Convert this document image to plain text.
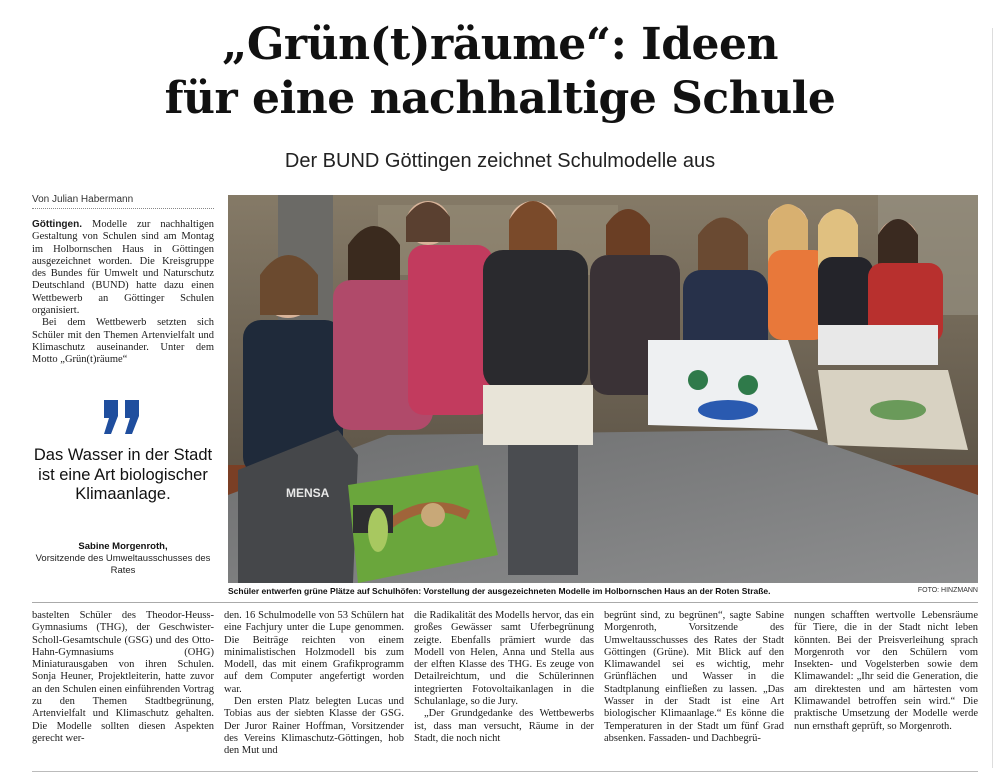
„Grün(t)räume“: Ideen
für eine nachhaltige Schule
Der BUND Göttingen zeichnet Schulmodelle aus
Von Julian Habermann

Göttingen. Modelle zur nachhaltigen Gestaltung von Schulen sind am Montag im Holbornschen Haus in Göttingen ausgezeichnet worden. Die Kreisgruppe des Bundes für Umwelt und Naturschutz Deutschland (BUND) hatte dazu einen Wettbewerb an Göttinger Schulen organisiert.

Bei dem Wettbewerb setzten sich Schüler mit den Themen Artenvielfalt und Klimaschutz auseinander. Unter dem Motto „Grün(t)räume“

Das Wasser in der Stadt ist eine Art biologischer Klimaanlage.
Sabine Morgenroth,
Vorsitzende des Umweltausschusses des Rates
MENSA
Schüler entwerfen grüne Plätze auf Schulhöfen: Vorstellung der ausgezeichneten Modelle im Holbornschen Haus an der Roten Straße.	FOTO: HINZMANN

bastelten Schüler des Theodor-Heuss-Gymnasiums (THG), der Geschwister-Scholl-Gesamtschule (GSG) und des Otto-Hahn-Gymnasiums (OHG) Miniaturausgaben von ihren Schulen. Sonja Heuner, Projektleiterin, hatte zuvor an den Schulen einen einführenden Vortrag zu den Themen Stadtbegrünung, Artenvielfalt und Klimaschutz gehalten. Die Modelle sollten diesen Aspekten gerecht wer-

den. 16 Schulmodelle von 53 Schülern hat eine Fachjury unter die Lupe genommen. Die Beiträge reichten von einem minimalistischen Holzmodell bis zum Modell, das mit einem Grafikprogramm auf dem Computer angefertigt worden war.

Den ersten Platz belegten Lucas und Tobias aus der siebten Klasse der GSG. Der Juror Rainer Hoffman, Vorsitzender des Vereins Klimaschutz-Göttingen, hob den Mut und

die Radikalität des Modells hervor, das ein großes Gewässer samt Uferbegrünung zeigte. Ebenfalls prämiert wurde das Modell von Helen, Anna und Stella aus der elften Klasse des THG. Es zeuge von Detailreichtum, und die Schülerinnen integrierten Fotovoltaikanlagen in die Schulanlage, so die Jury.

„Der Grundgedanke des Wettbewerbs ist, dass man versucht, Räume in der Stadt, die noch nicht

begrünt sind, zu begrünen“, sagte Sabine Morgenroth, Vorsitzende des Umweltausschusses des Rates der Stadt Göttingen (Grüne). Mit Blick auf den Klimawandel sei es wichtig, mehr Grünflächen und Wasser in die Stadtplanung einfließen zu lassen. „Das Wasser in der Stadt ist eine Art biologischer Klimaanlage.“ Es könne die Temperaturen in der Stadt um fünf Grad absenken. Fassaden- und Dachbegrü-

nungen schafften wertvolle Lebensräume für Tiere, die in der Stadt nicht leben könnten. Bei der Preisverleihung sprach Morgenroth vor den Schülern vom Insekten- und Vogelsterben sowie dem Klimawandel: „Ihr seid die Generation, die am direktesten und am härtesten vom Klimawandel betroffen sein wird.“ Die praktische Umsetzung der Modelle werde nun ernsthaft geprüft, so Morgenroth.
